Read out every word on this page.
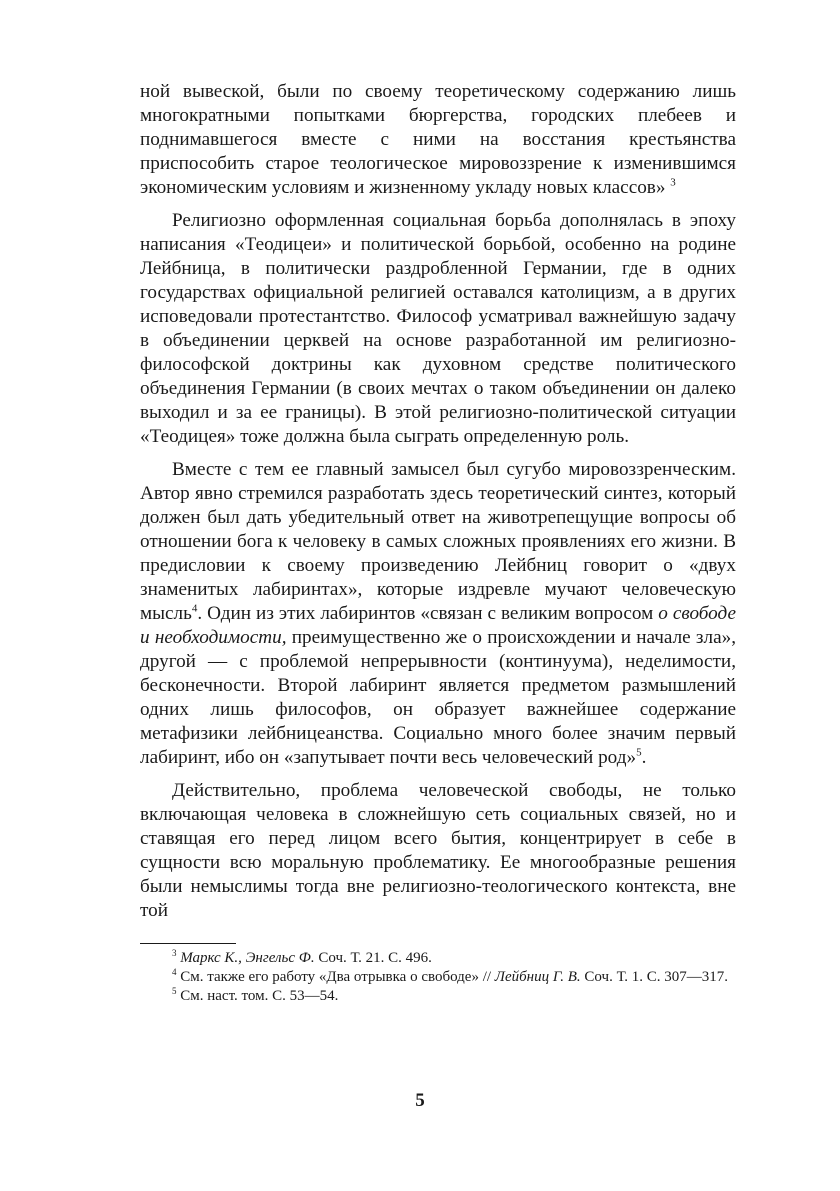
ной вывеской, были по своему теоретическому содержанию лишь многократными попытками бюргерства, городских плебеев и поднимавшегося вместе с ними на восстания крестьянства приспособить старое теологическое мировоззрение к изменившимся экономическим условиям и жизненному укладу новых классов» $^3$

Религиозно оформленная социальная борьба дополнялась в эпоху написания «Теодицеи» и политической борьбой, особенно на родине Лейбница, в политически раздробленной Германии, где в одних государствах официальной религией оставался католицизм, а в других исповедовали протестантство. Философ усматривал важнейшую задачу в объединении церквей на основе разработанной им религиозно-философской доктрины как духовном средстве политического объединения Германии (в своих мечтах о таком объединении он далеко выходил и за ее границы). В этой религиозно-политической ситуации «Теодицея» тоже должна была сыграть определенную роль.

Вместе с тем ее главный замысел был сугубо мировоззренческим. Автор явно стремился разработать здесь теоретический синтез, который должен был дать убедительный ответ на животрепещущие вопросы об отношении бога к человеку в самых сложных проявлениях его жизни. В предисловии к своему произведению Лейбниц говорит о «двух знаменитых лабиринтах», которые издревле мучают человеческую мысль$^4$. Один из этих лабиринтов «связан с великим вопросом о свободе и необходимости, преимущественно же о происхождении и начале зла», другой — с проблемой непрерывности (континуума), неделимости, бесконечности. Второй лабиринт является предметом размышлений одних лишь философов, он образует важнейшее содержание метафизики лейбницеанства. Социально много более значим первый лабиринт, ибо он «запутывает почти весь человеческий род»$^5$.

Действительно, проблема человеческой свободы, не только включающая человека в сложнейшую сеть социальных связей, но и ставящая его перед лицом всего бытия, концентрирует в себе в сущности всю моральную проблематику. Ее многообразные решения были немыслимы тогда вне религиозно-теологического контекста, вне той

$^3$ Маркс К., Энгельс Ф. Соч. Т. 21. С. 496.

$^4$ См. также его работу «Два отрывка о свободе» // Лейбниц Г. В. Соч. Т. 1. С. 307—317.

$^5$ См. наст. том. С. 53—54.

5
